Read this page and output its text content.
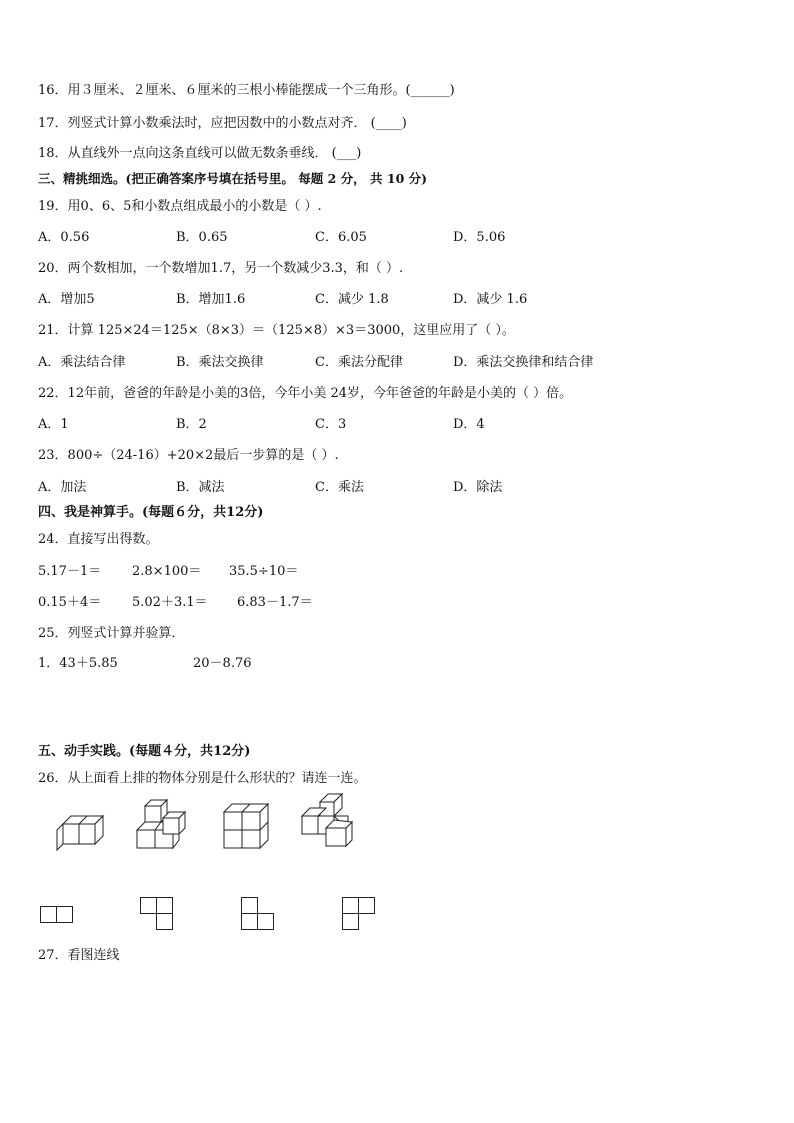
16．用３厘米、２厘米、６厘米的三根小棒能摆成一个三角形。(______)
17．列竖式计算小数乘法时，应把因数中的小数点对齐． (____)
18．从直线外一点向这条直线可以做无数条垂线． (___)
三、精挑细选。(把正确答案序号填在括号里。 每题 2 分， 共 10 分)
19．用0、6、5和小数点组成最小的小数是（ ）.
A．0.56	B．0.65	C．6.05	D．5.06
20．两个数相加，一个数增加1.7，另一个数减少3.3，和（ ）.
A．增加5	B．增加1.6	C．减少 1.8	D．减少 1.6
21．计算 125×24＝125×（8×3）＝（125×8）×3＝3000，这里应用了（ ）。
A．乘法结合律	B．乘法交换律	C．乘法分配律	D．乘法交换律和结合律
22．12年前，爸爸的年龄是小美的3倍，今年小美 24岁，今年爸爸的年龄是小美的（ ）倍。
A．1	B．2	C．3	D．4
23．800÷（24-16）+20×2最后一步算的是（ ）.
A．加法	B．减法	C．乘法	D．除法
四、我是神算手。(每题６分，共12分)
24．直接写出得数。
5.17－1＝ 2.8×100＝ 35.5÷10＝
0.15＋4＝ 5.02＋3.1＝ 6.83－1.7＝
25．列竖式计算并验算．
1．43＋5.85	20－8.76
五、动手实践。(每题４分，共12分)
26．从上面看上排的物体分别是什么形状的？请连一连。
27．看图连线
